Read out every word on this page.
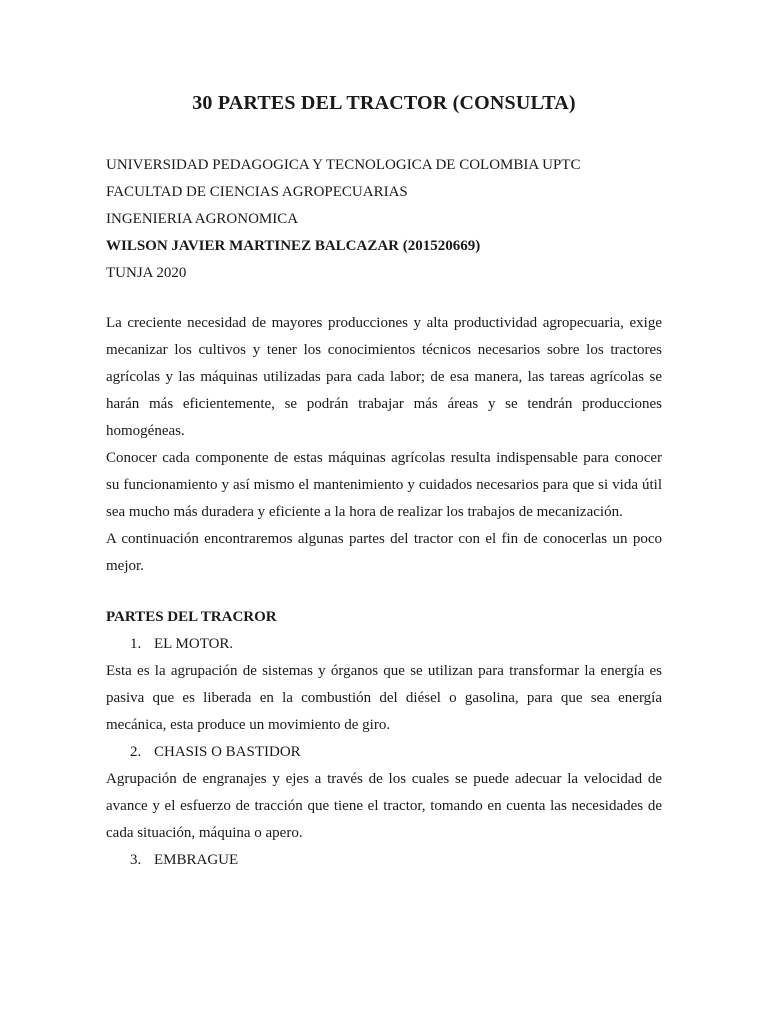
30 PARTES DEL TRACTOR (CONSULTA)
UNIVERSIDAD PEDAGOGICA Y TECNOLOGICA DE COLOMBIA UPTC
FACULTAD DE CIENCIAS AGROPECUARIAS
INGENIERIA AGRONOMICA
WILSON JAVIER MARTINEZ BALCAZAR (201520669)
TUNJA 2020

La creciente necesidad de mayores producciones y alta productividad agropecuaria, exige mecanizar los cultivos y tener los conocimientos técnicos necesarios sobre los tractores agrícolas y las máquinas utilizadas para cada labor; de esa manera, las tareas agrícolas se harán más eficientemente, se podrán trabajar más áreas y se tendrán producciones homogéneas.

Conocer cada componente de estas máquinas agrícolas resulta indispensable para conocer su funcionamiento y así mismo el mantenimiento y cuidados necesarios para que si vida útil sea mucho más duradera y eficiente a la hora de realizar los trabajos de mecanización.

A continuación encontraremos algunas partes del tractor con el fin de conocerlas un poco mejor.

PARTES DEL TRACROR
1. EL MOTOR.

Esta es la agrupación de sistemas y órganos que se utilizan para transformar la energía es pasiva que es liberada en la combustión del diésel o gasolina, para que sea energía mecánica, esta produce un movimiento de giro.

2. CHASIS O BASTIDOR

Agrupación de engranajes y ejes a través de los cuales se puede adecuar la velocidad de avance y el esfuerzo de tracción que tiene el tractor, tomando en cuenta las necesidades de cada situación, máquina o apero.

3. EMBRAGUE
